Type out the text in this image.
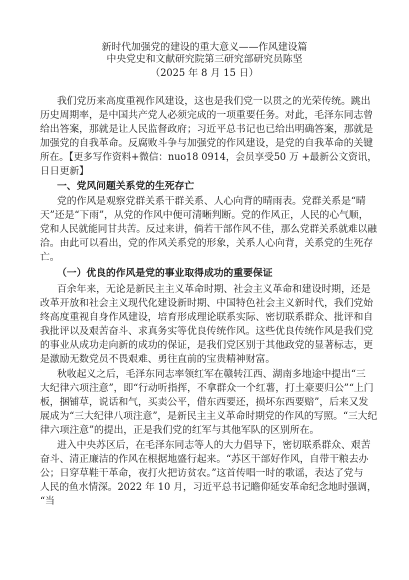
新时代加强党的建设的重大意义——作风建设篇
中央党史和文献研究院第三研究部研究员陈坚
（2025 年 8 月 15 日）
我们党历来高度重视作风建设，这也是我们党一以贯之的光荣传统。跳出
历史周期率，是中国共产党人必须完成的一项重要任务。对此，毛泽东同志曾
给出答案，那就是让人民监督政府；习近平总书记也已给出明确答案，那就是
加强党的自我革命。反腐败斗争与加强党的作风建设，是党的自我革命的关键
所在。【更多写作资料+微信：nuo18 0914，会员享受50 万 +最新公文资讯，
日日更新】
一、党风问题关系党的生死存亡
党的作风是观察党群关系干群关系、人心向背的晴雨表。党群关系是“晴
天”还是“下雨”，从党的作风中便可清晰判断。党的作风正，人民的心气顺，
党和人民就能同甘共苦。反过来讲，倘若干部作风不佳，那么党群关系就难以融
洽。由此可以看出，党的作风关系党的形象，关系人心向背，关系党的生死存
亡。
（一）优良的作风是党的事业取得成功的重要保证
百余年来，无论是新民主主义革命时期、社会主义革命和建设时期，还是
改革开放和社会主义现代化建设新时期、中国特色社会主义新时代，我们党始
终高度重视自身作风建设，培育形成理论联系实际、密切联系群众、批评和自
我批评以及艰苦奋斗、求真务实等优良传统作风。这些优良传统作风是我们党
的事业从成功走向新的成功的保证，是我们党区别于其他政党的显著标志，更
是激励无数党员不畏艰难、勇往直前的宝贵精神财富。
秋收起义之后，毛泽东同志率领红军在赣转江西、湖南多地途中提出“三
大纪律六项注意”，即“行动听指挥，不拿群众一个红薯，打土豪要归公”“上门
板，捆铺草，说话和气，买卖公平，借东西要还，损坏东西要赔”，后来又发
展成为“三大纪律八项注意”，是新民主主义革命时期党的作风的写照。“三大纪
律六项注意”的提出，正是我们党的红军与其他军队的区别所在。
进入中央苏区后，在毛泽东同志等人的大力倡导下，密切联系群众、艰苦
奋斗、清正廉洁的作风在根据地盛行起来。“苏区干部好作风，自带干粮去办
公；日穿草鞋干革命，夜打火把访贫农。”这首传唱一时的歌谣，表达了党与
人民的鱼水情深。2022 年 10 月，习近平总书记瞻仰延安革命纪念地时强调，
“当
